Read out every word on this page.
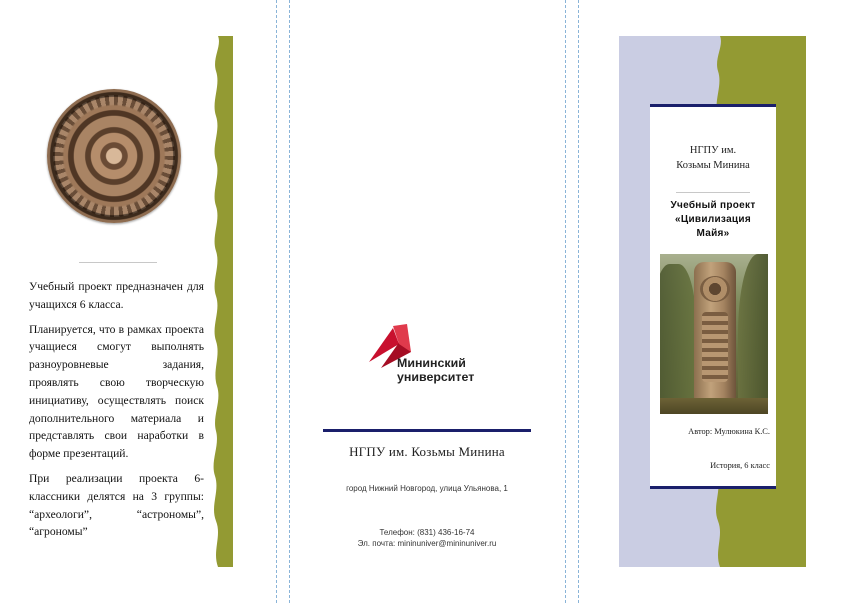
Учебный проект предназначен для учащихся 6 класса.

Планируется, что в рамках проекта учащиеся смогут выполнять разноуровневые задания, проявлять свою творческую инициативу, осуществлять поиск дополнительного материала и представлять свои наработки в форме презентаций.

При реализации проекта 6-классники делятся на 3 группы: “археологи”, “астрономы”, “агрономы”

Мининский
университет
НГПУ им. Козьмы Минина
город Нижний Новгород, улица Ульянова, 1
Телефон: (831) 436-16-74
Эл. почта: mininuniver@mininuniver.ru
НГПУ им.
Козьмы Минина
Учебный проект
«Цивилизация
Майя»
Автор: Мулюкина К.С.
История, 6 класс
